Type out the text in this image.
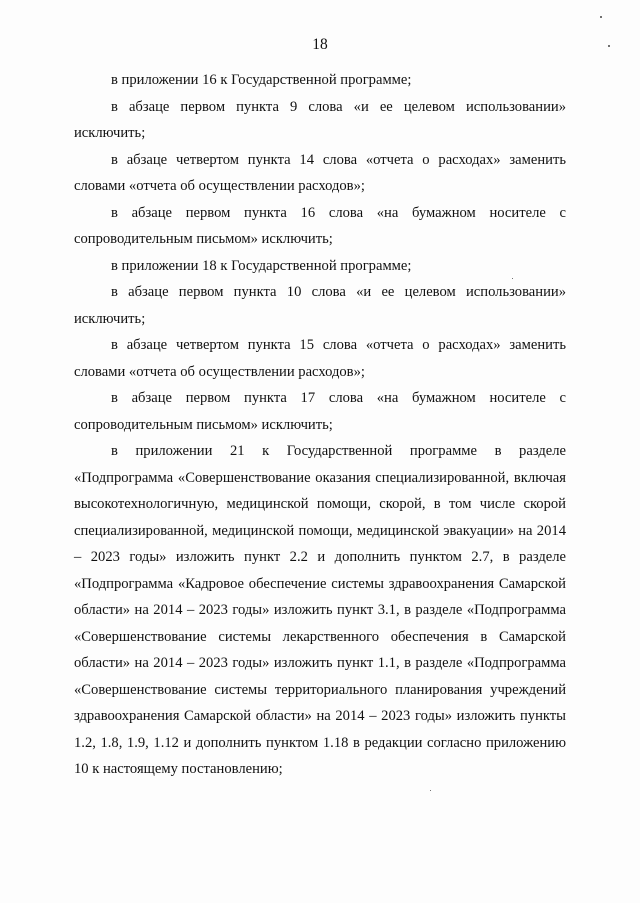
18

в приложении 16 к Государственной программе;

в абзаце первом пункта 9 слова «и ее целевом использовании» исключить;

в абзаце четвертом пункта 14 слова «отчета о расходах» заменить словами «отчета об осуществлении расходов»;

в абзаце первом пункта 16 слова «на бумажном носителе с сопроводительным письмом» исключить;

в приложении 18 к Государственной программе;

в абзаце первом пункта 10 слова «и ее целевом использовании» исключить;

в абзаце четвертом пункта 15 слова «отчета о расходах» заменить словами «отчета об осуществлении расходов»;

в абзаце первом пункта 17 слова «на бумажном носителе с сопроводительным письмом» исключить;

в приложении 21 к Государственной программе в разделе «Подпрограмма «Совершенствование оказания специализированной, включая высокотехнологичную, медицинской помощи, скорой, в том числе скорой специализированной, медицинской помощи, медицинской эвакуации» на 2014 – 2023 годы» изложить пункт 2.2 и дополнить пунктом 2.7, в разделе «Подпрограмма «Кадровое обеспечение системы здравоохранения Самарской области» на 2014 – 2023 годы» изложить пункт 3.1, в разделе «Подпрограмма «Совершенствование системы лекарственного обеспечения в Самарской области» на 2014 – 2023 годы» изложить пункт 1.1, в разделе «Подпрограмма «Совершенствование системы территориального планирования учреждений здравоохранения Самарской области» на 2014 – 2023 годы» изложить пункты 1.2, 1.8, 1.9, 1.12 и дополнить пунктом 1.18 в редакции согласно приложению 10 к настоящему постановлению;
